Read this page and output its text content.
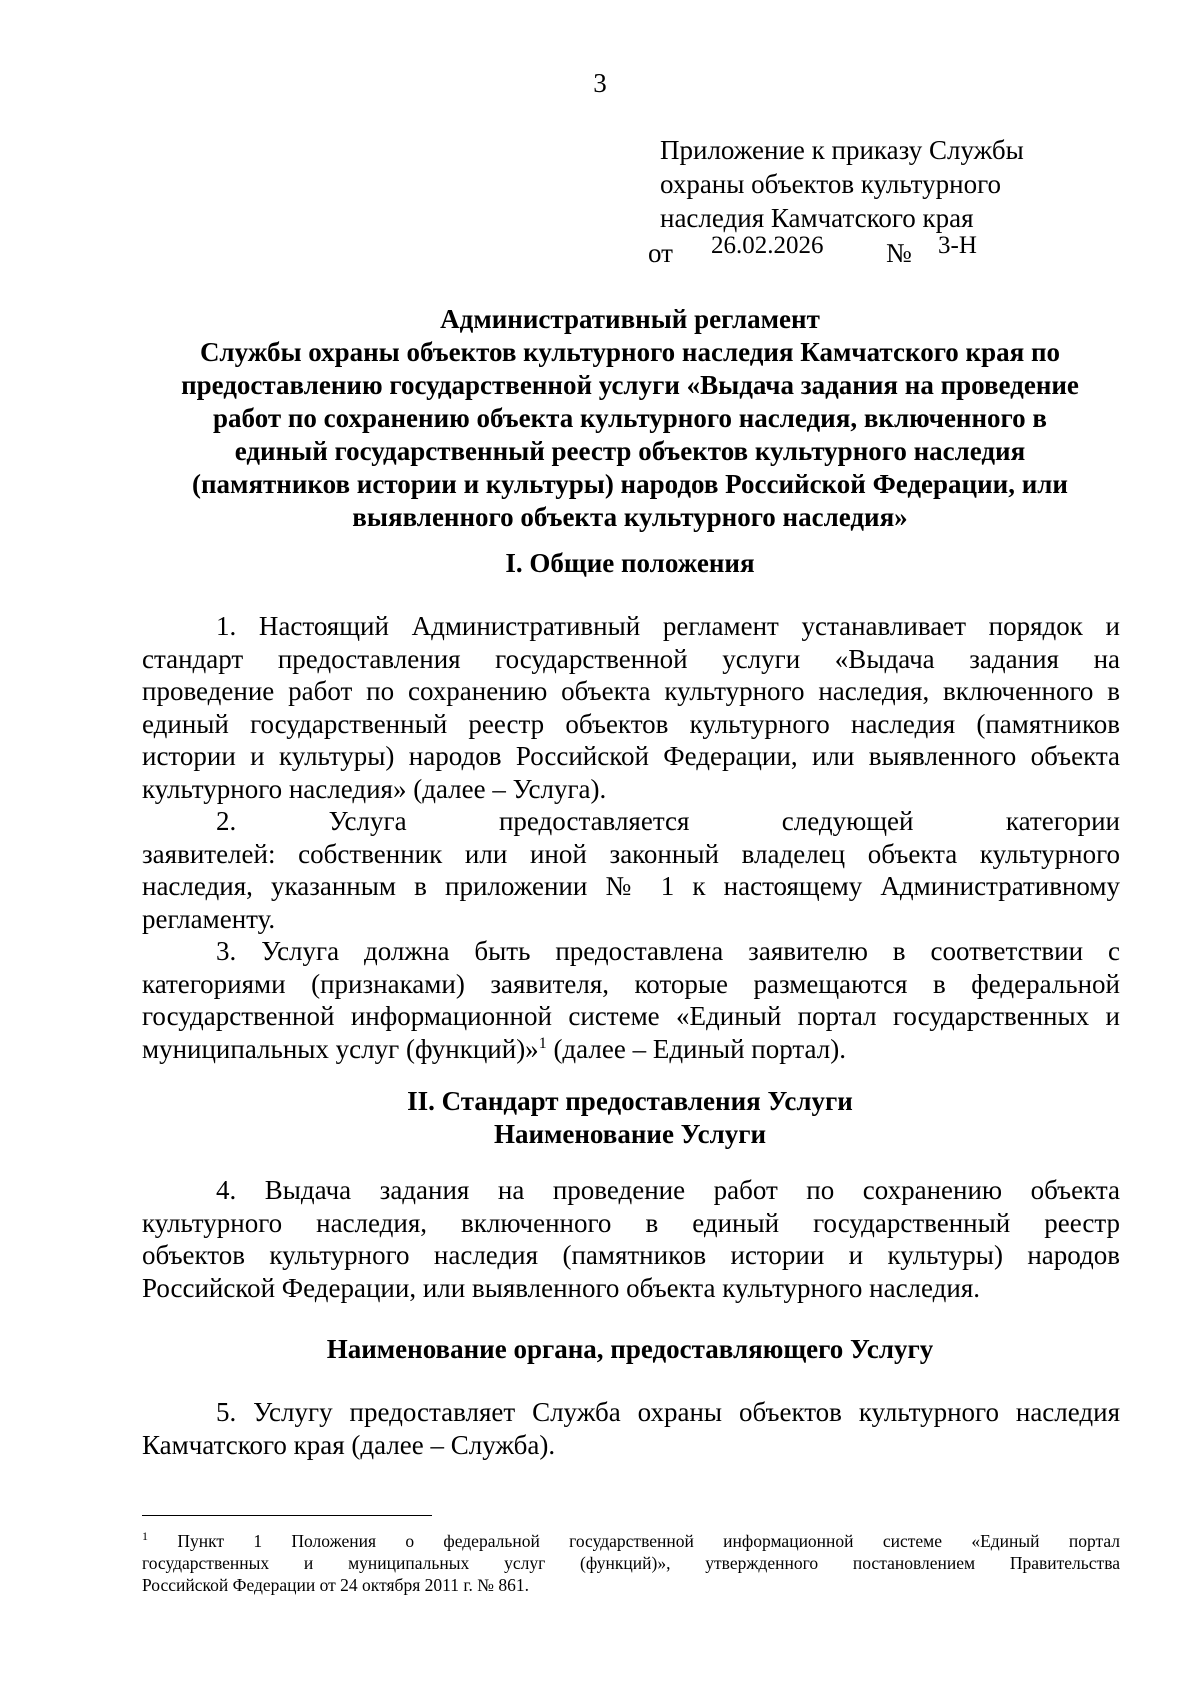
3
Приложение к приказу Службы
охраны объектов культурного
наследия Камчатского края
от 26.02.2026 № 3-Н
Административный регламент
Службы охраны объектов культурного наследия Камчатского края по
предоставлению государственной услуги «Выдача задания на проведение
работ по сохранению объекта культурного наследия, включенного в
единый государственный реестр объектов культурного наследия
(памятников истории и культуры) народов Российской Федерации, или
выявленного объекта культурного наследия»
I. Общие положения
1. Настоящий Административный регламент устанавливает порядок и
стандарт предоставления государственной услуги «Выдача задания на
проведение работ по сохранению объекта культурного наследия, включенного в
единый государственный реестр объектов культурного наследия (памятников
истории и культуры) народов Российской Федерации, или выявленного объекта
культурного наследия» (далее – Услуга).
2. Услуга предоставляется следующей категории
заявителей: собственник или иной законный владелец объекта культурного
наследия, указанным в приложении № 1 к настоящему Административному
регламенту.
3. Услуга должна быть предоставлена заявителю в соответствии с
категориями (признаками) заявителя, которые размещаются в федеральной
государственной информационной системе «Единый портал государственных и
муниципальных услуг (функций)»$^1$ (далее – Единый портал).
II. Стандарт предоставления Услуги
Наименование Услуги
4. Выдача задания на проведение работ по сохранению объекта
культурного наследия, включенного в единый государственный реестр
объектов культурного наследия (памятников истории и культуры) народов
Российской Федерации, или выявленного объекта культурного наследия.
Наименование органа, предоставляющего Услугу
5. Услугу предоставляет Служба охраны объектов культурного наследия
Камчатского края (далее – Служба).
$^1$ Пункт 1 Положения о федеральной государственной информационной системе «Единый портал
государственных и муниципальных услуг (функций)», утвержденного постановлением Правительства
Российской Федерации от 24 октября 2011 г. № 861.
